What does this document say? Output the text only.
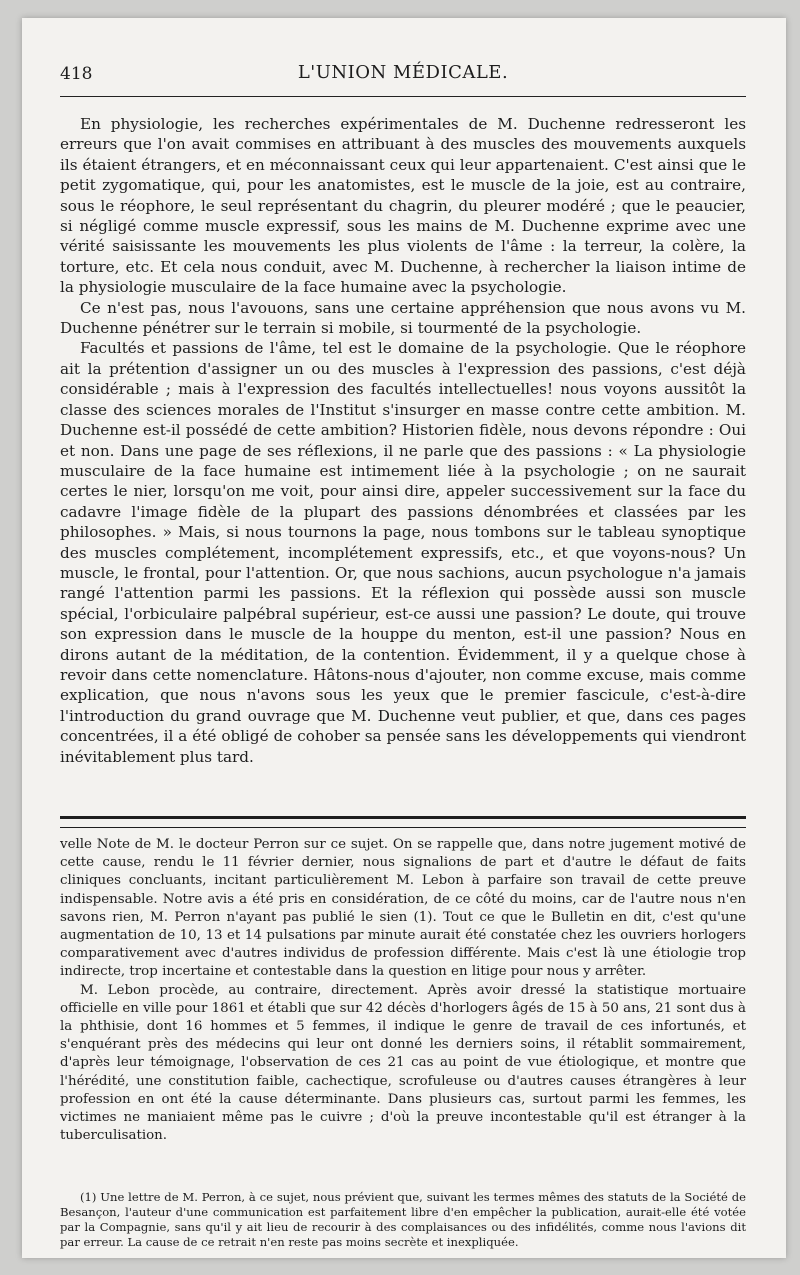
418	L'UNION MÉDICALE.

En physiologie, les recherches expérimentales de M. Duchenne redresseront les erreurs que l'on avait commises en attribuant à des muscles des mouvements auxquels ils étaient étrangers, et en méconnaissant ceux qui leur appartenaient. C'est ainsi que le petit zygomatique, qui, pour les anatomistes, est le muscle de la joie, est au contraire, sous le réophore, le seul représentant du chagrin, du pleurer modéré ; que le peaucier, si négligé comme muscle expressif, sous les mains de M. Duchenne exprime avec une vérité saisissante les mouvements les plus violents de l'âme : la terreur, la colère, la torture, etc. Et cela nous conduit, avec M. Duchenne, à rechercher la liaison intime de la physiologie musculaire de la face humaine avec la psychologie.

Ce n'est pas, nous l'avouons, sans une certaine appréhension que nous avons vu M. Duchenne pénétrer sur le terrain si mobile, si tourmenté de la psychologie.

Facultés et passions de l'âme, tel est le domaine de la psychologie. Que le réophore ait la prétention d'assigner un ou des muscles à l'expression des passions, c'est déjà considérable ; mais à l'expression des facultés intellectuelles! nous voyons aussitôt la classe des sciences morales de l'Institut s'insurger en masse contre cette ambition. M. Duchenne est-il possédé de cette ambition? Historien fidèle, nous devons répondre : Oui et non. Dans une page de ses réflexions, il ne parle que des passions : « La physiologie musculaire de la face humaine est intimement liée à la psychologie ; on ne saurait certes le nier, lorsqu'on me voit, pour ainsi dire, appeler successivement sur la face du cadavre l'image fidèle de la plupart des passions dénombrées et classées par les philosophes. » Mais, si nous tournons la page, nous tombons sur le tableau synoptique des muscles complétement, incomplétement expressifs, etc., et que voyons-nous? Un muscle, le frontal, pour l'attention. Or, que nous sachions, aucun psychologue n'a jamais rangé l'attention parmi les passions. Et la réflexion qui possède aussi son muscle spécial, l'orbiculaire palpébral supérieur, est-ce aussi une passion? Le doute, qui trouve son expression dans le muscle de la houppe du menton, est-il une passion? Nous en dirons autant de la méditation, de la contention. Évidemment, il y a quelque chose à revoir dans cette nomenclature. Hâtons-nous d'ajouter, non comme excuse, mais comme explication, que nous n'avons sous les yeux que le premier fascicule, c'est-à-dire l'introduction du grand ouvrage que M. Duchenne veut publier, et que, dans ces pages concentrées, il a été obligé de cohober sa pensée sans les développements qui viendront inévitablement plus tard.

velle Note de M. le docteur Perron sur ce sujet. On se rappelle que, dans notre jugement motivé de cette cause, rendu le 11 février dernier, nous signalions de part et d'autre le défaut de faits cliniques concluants, incitant particulièrement M. Lebon à parfaire son travail de cette preuve indispensable. Notre avis a été pris en considération, de ce côté du moins, car de l'autre nous n'en savons rien, M. Perron n'ayant pas publié le sien (1). Tout ce que le Bulletin en dit, c'est qu'une augmentation de 10, 13 et 14 pulsations par minute aurait été constatée chez les ouvriers horlogers comparativement avec d'autres individus de profession différente. Mais c'est là une étiologie trop indirecte, trop incertaine et contestable dans la question en litige pour nous y arrêter.

M. Lebon procède, au contraire, directement. Après avoir dressé la statistique mortuaire officielle en ville pour 1861 et établi que sur 42 décès d'horlogers âgés de 15 à 50 ans, 21 sont dus à la phthisie, dont 16 hommes et 5 femmes, il indique le genre de travail de ces infortunés, et s'enquérant près des médecins qui leur ont donné les derniers soins, il rétablit sommairement, d'après leur témoignage, l'observation de ces 21 cas au point de vue étiologique, et montre que l'hérédité, une constitution faible, cachectique, scrofuleuse ou d'autres causes étrangères à leur profession en ont été la cause déterminante. Dans plusieurs cas, surtout parmi les femmes, les victimes ne maniaient même pas le cuivre ; d'où la preuve incontestable qu'il est étranger à la tuberculisation.

(1) Une lettre de M. Perron, à ce sujet, nous prévient que, suivant les termes mêmes des statuts de la Société de Besançon, l'auteur d'une communication est parfaitement libre d'en empêcher la publication, aurait-elle été votée par la Compagnie, sans qu'il y ait lieu de recourir à des complaisances ou des infidélités, comme nous l'avions dit par erreur. La cause de ce retrait n'en reste pas moins secrète et inexpliquée.
